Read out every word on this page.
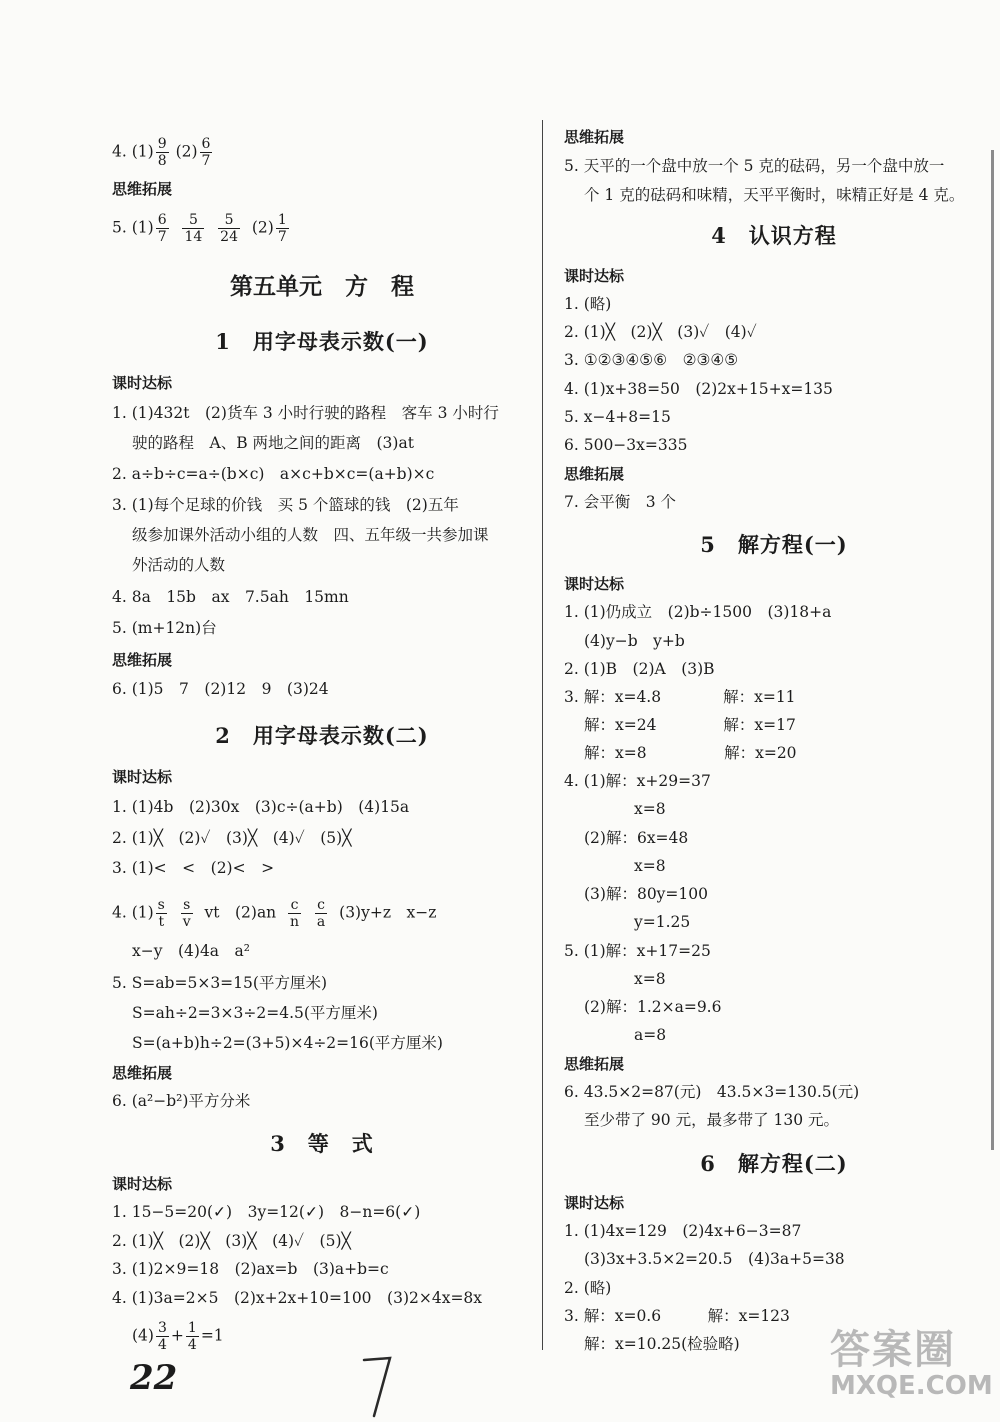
4. $(1) \frac{9}{8} (2) \frac{6}{7}$
思维拓展
5. $(1) \frac{6}{7}$
$\frac{5}{14}$
$\frac{5}{24} (2) \frac{1}{7}$
第五单元　方　程
1　用字母表示数(一)
课时达标
1. (1)432t　(2)货车 3 小时行驶的路程　客车 3 小时行
驶的路程　A、B 两地之间的距离　(3)at
2. a÷b÷c=a÷(b×c)　a×c+b×c=(a+b)×c
3. (1)每个足球的价钱　买 5 个篮球的钱　(2)五年
级参加课外活动小组的人数　四、五年级一共参加课
外活动的人数
4. 8a　15b　ax　7.5ah　15mn
5. (m+12n)台
思维拓展
6. (1)5　7　(2)12　9　(3)24
2　用字母表示数(二)
课时达标
1. (1)4b　(2)30x　(3)c÷(a+b)　(4)15a
2. (1)╳　(2)✓　(3)╳　(4)✓　(5)╳
3. (1)<　<　(2)<　>
4. $(1) \frac{s}{t}$
$\frac{s}{v}$ vt　$(2)an \frac{c}{n}$
$\frac{c}{a} (3)y+z$　x−z
x−y　(4)4a　a²
5. S=ab=5×3=15(平方厘米)
S=ah÷2=3×3÷2=4.5(平方厘米)
S=(a+b)h÷2=(3+5)×4÷2=16(平方厘米)
思维拓展
6. (a²−b²)平方分米
3　等　式
课时达标
1. 15−5=20(✓)　3y=12(✓)　8−n=6(✓)
2. (1)╳　(2)╳　(3)╳　(4)✓　(5)╳
3. (1)2×9=18　(2)ax=b　(3)a+b=c
4. (1)3a=2×5　(2)x+2x+10=100　(3)2×4x=8x
$(4) \frac{3}{4} + \frac{1}{4} =1$
思维拓展
5. 天平的一个盘中放一个 5 克的砝码，另一个盘中放一
个 1 克的砝码和味精，天平平衡时，味精正好是 4 克。
4　认识方程
课时达标
1. (略)
2. (1)╳　(2)╳　(3)✓　(4)✓
3. ①②③④⑤⑥　②③④⑤
4. (1)x+38=50　(2)2x+15+x=135
5. x−4+8=15
6. 500−3x=335
思维拓展
7. 会平衡　3 个
5　解方程(一)
课时达标
1. (1)仍成立　(2)b÷1500　(3)18+a
(4)y−b　y+b
2. (1)B　(2)A　(3)B
3. 解：x=4.8　　　　解：x=11
解：x=24　　　　 解：x=17
解：x=8　　　　　解：x=20
4. (1)解：x+29=37
x=8
(2)解：6x=48
x=8
(3)解：80y=100
y=1.25
5. (1)解：x+17=25
x=8
(2)解：1.2×a=9.6
a=8
思维拓展
6. 43.5×2=87(元)　43.5×3=130.5(元)
至少带了 90 元，最多带了 130 元。
6　解方程(二)
课时达标
1. (1)4x=129　(2)4x+6−3=87
(3)3x+3.5×2=20.5　(4)3a+5=38
2. (略)
3. 解：x=0.6　　　解：x=123
解：x=10.25(检验略)
22
答案圈
MXQE.COM
